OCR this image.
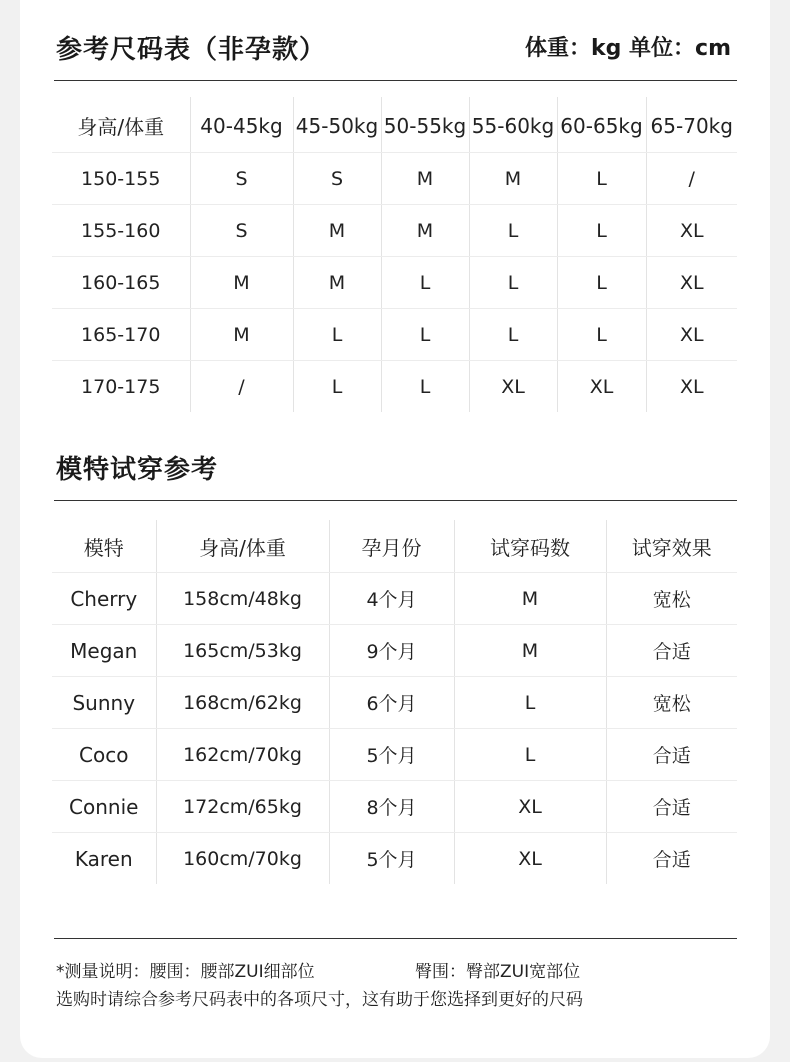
参考尺码表（非孕款）	体重：kg 单位：cm
身高/体重	40-45kg	45-50kg	50-55kg	55-60kg	60-65kg	65-70kg
150-155	S	S	M	M	L	/
155-160	S	M	M	L	L	XL
160-165	M	M	L	L	L	XL
165-170	M	L	L	L	L	XL
170-175	/	L	L	XL	XL	XL
模特试穿参考
模特	身高/体重	孕月份	试穿码数	试穿效果
Cherry	158cm/48kg	4个月	M	宽松
Megan	165cm/53kg	9个月	M	合适
Sunny	168cm/62kg	6个月	L	宽松
Coco	162cm/70kg	5个月	L	合适
Connie	172cm/65kg	8个月	XL	合适
Karen	160cm/70kg	5个月	XL	合适
*测量说明：腰围：腰部ZUI细部位	臀围：臀部ZUI宽部位
选购时请综合参考尺码表中的各项尺寸，这有助于您选择到更好的尺码
